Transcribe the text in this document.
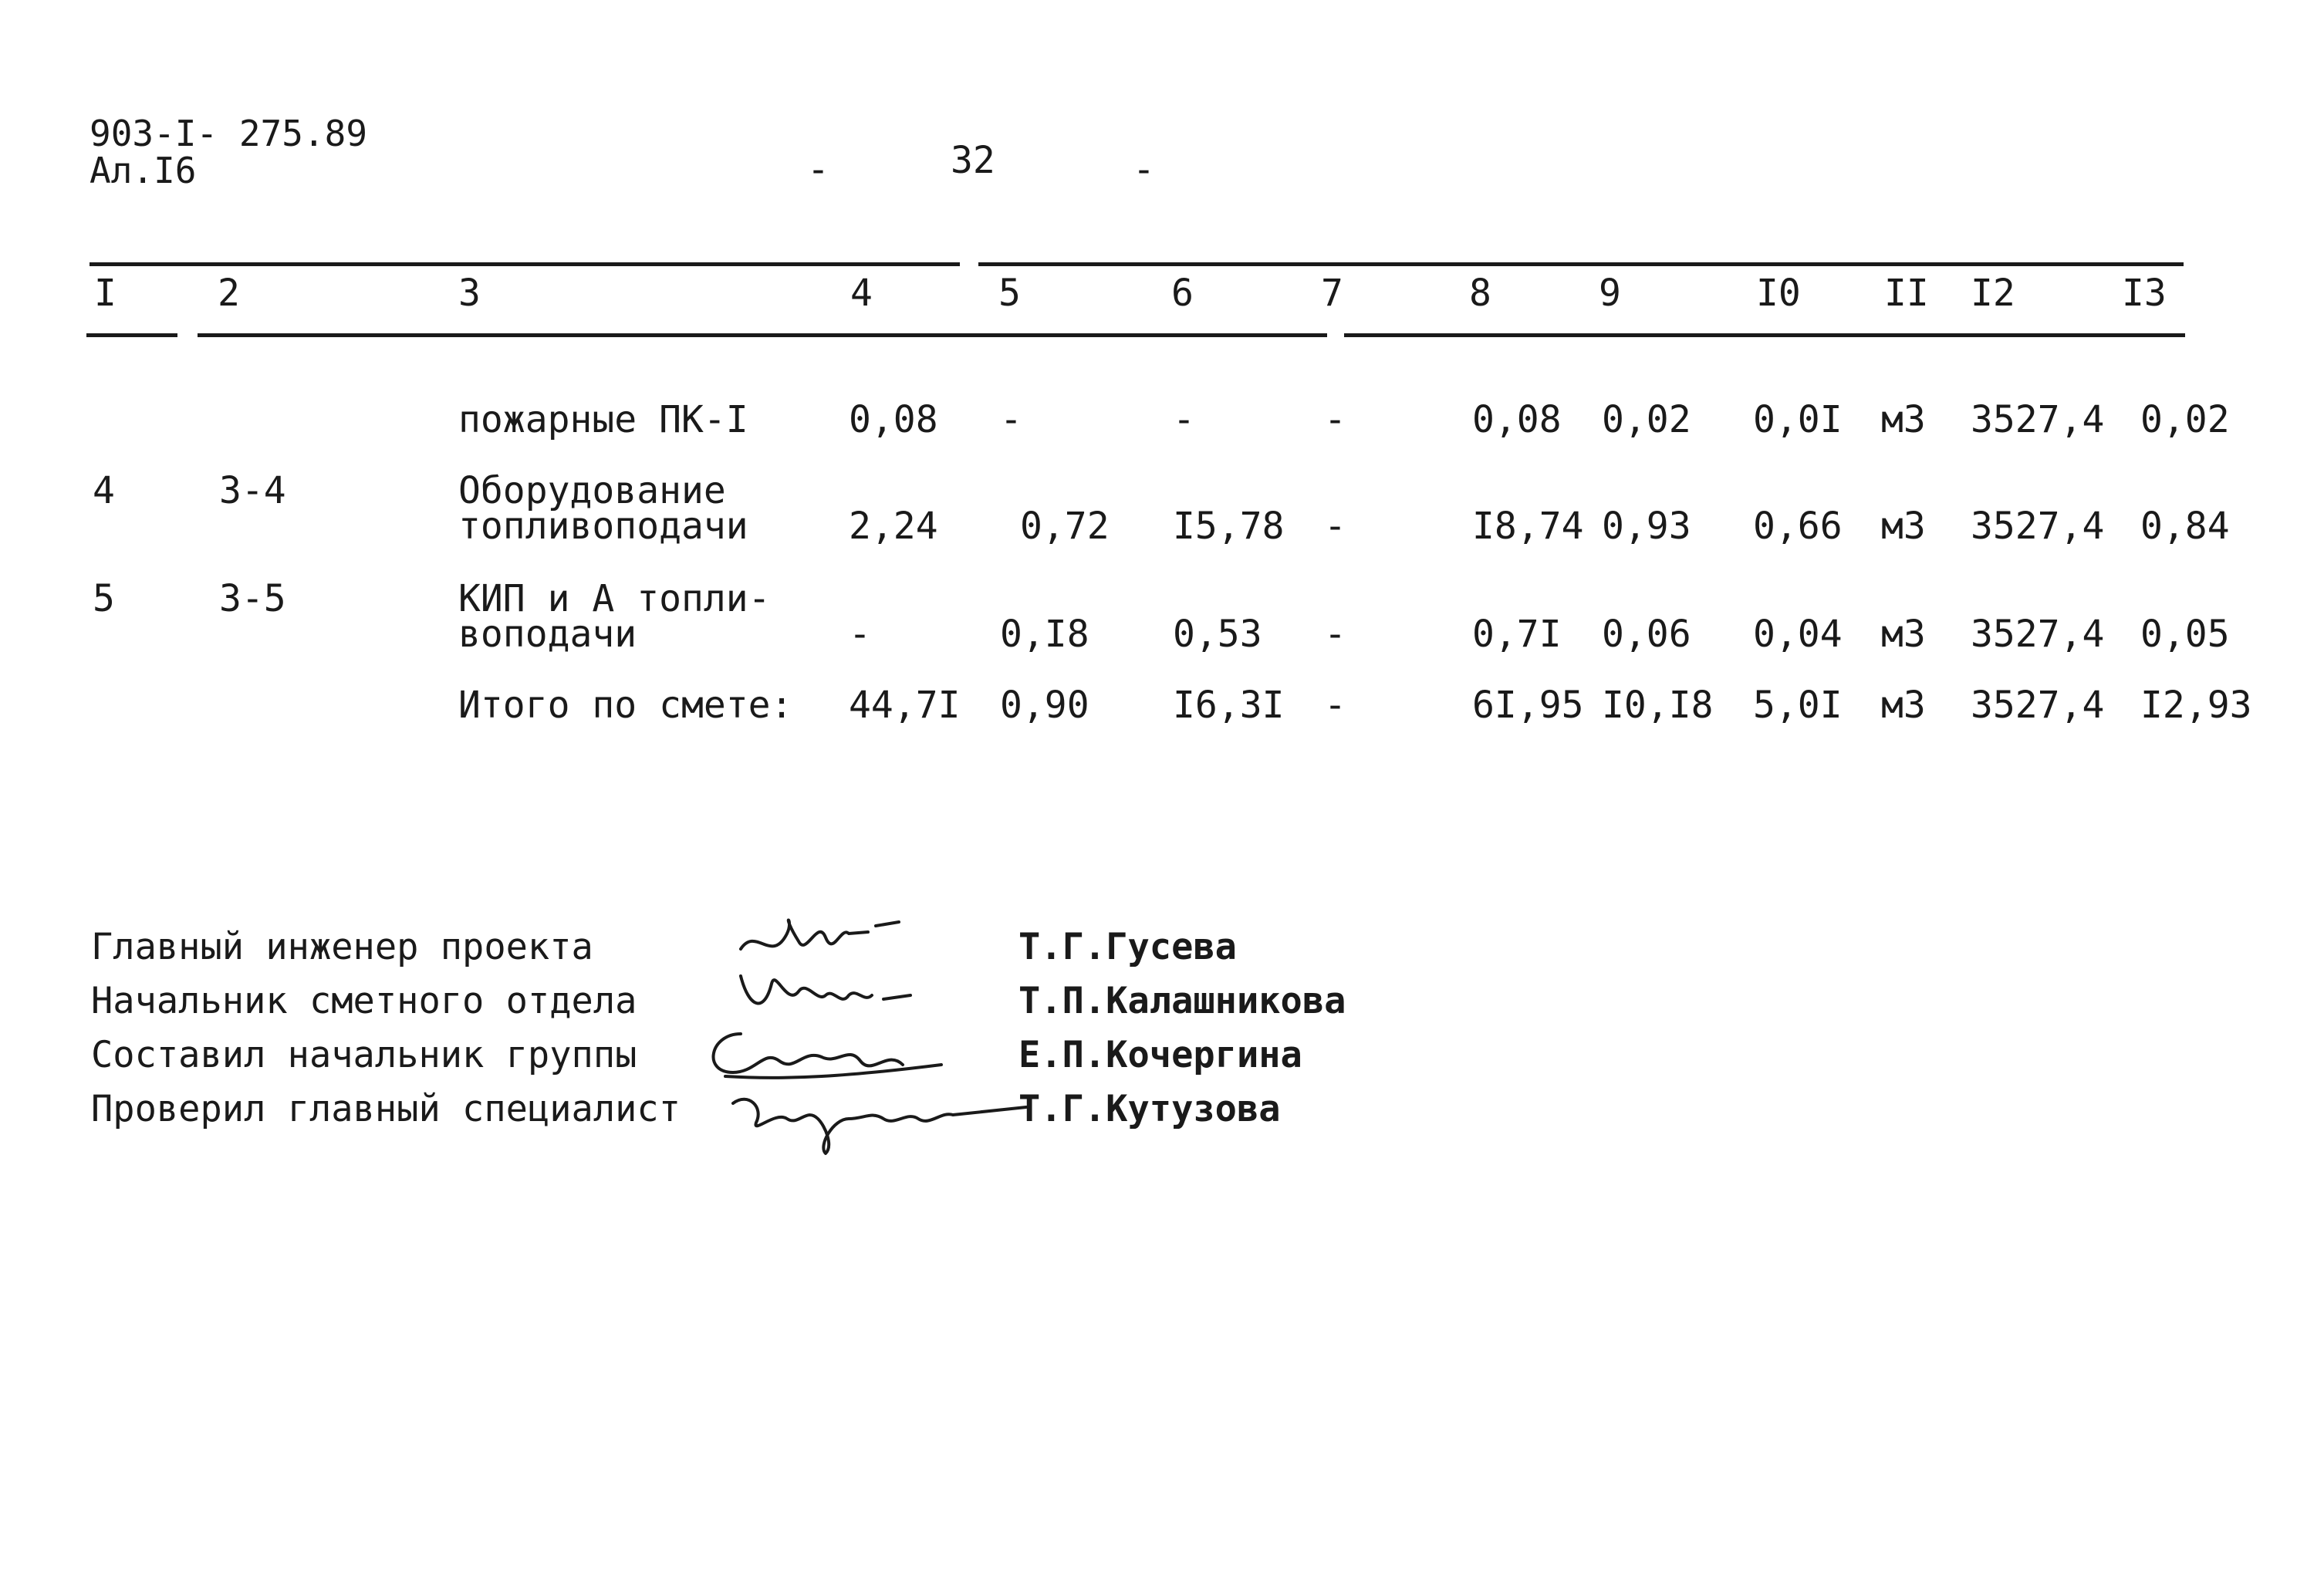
903-I- 275.89
Ал.I6	-	32	-
I	2	3	4	5	6	7	8	9	I0 II I2	I3
пожарные ПК-I	0,08 -	-	-	0,08 0,02 0,0I м3 3527,4 0,02
4	3-4	Оборудование
топливоподачи	2,24 0,72 I5,78 -	I8,74 0,93 0,66 м3 3527,4 0,84
5	3-5	КИП и А топли-
воподачи	-	0,I8 0,53 -	0,7I 0,06 0,04 м3 3527,4 0,05
Итого по смете: 44,7I 0,90 I6,3I -	6I,95 I0,I8 5,0I м3 3527,4 I2,93
Главный инженер проекта
Начальник сметного отдела
Составил начальник группы
Проверил главный специалист
Т.Г.Гусева
Т.П.Калашникова
Е.П.Кочергина
Т.Г.Кутузова
